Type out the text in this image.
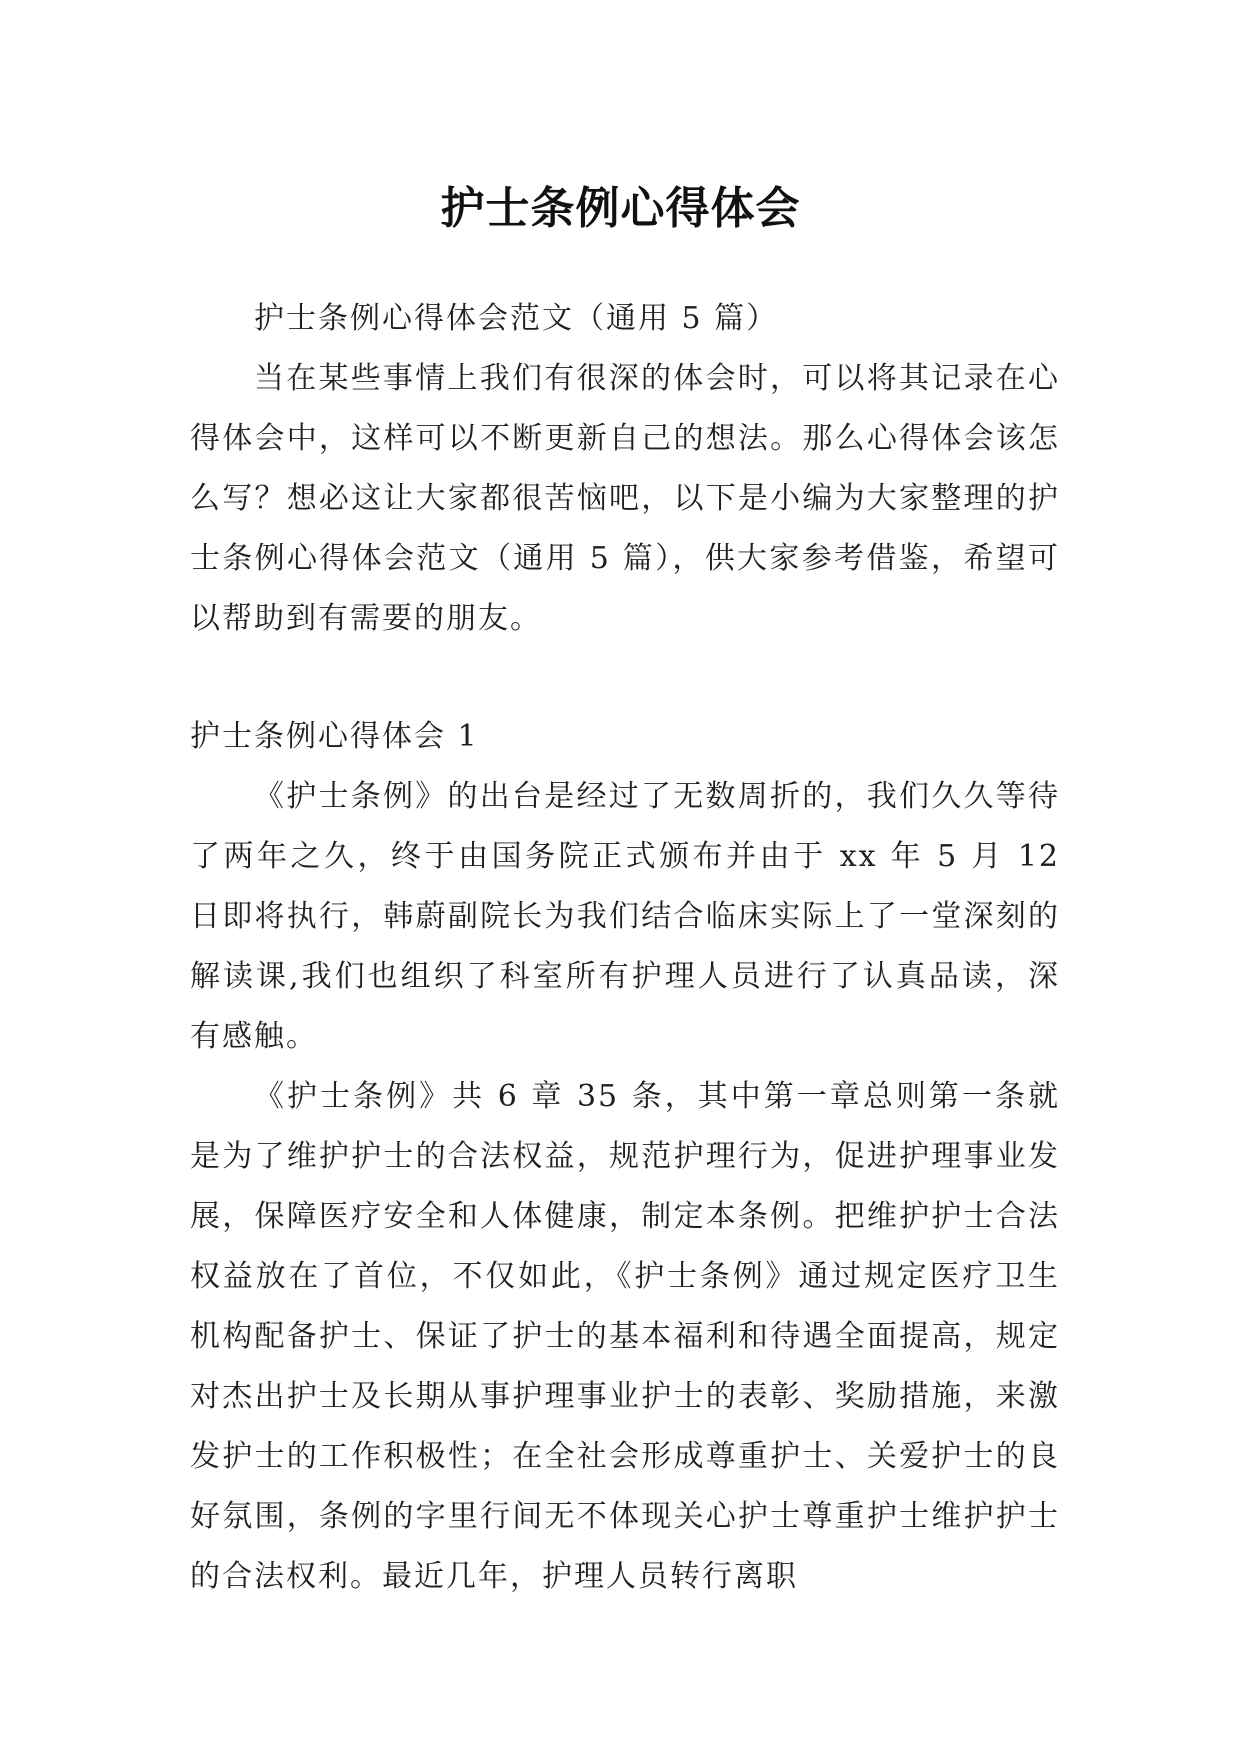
护士条例心得体会

护士条例心得体会范文（通用 5 篇）

当在某些事情上我们有很深的体会时，可以将其记录在心得体会中，这样可以不断更新自己的想法。那么心得体会该怎么写？想必这让大家都很苦恼吧，以下是小编为大家整理的护士条例心得体会范文（通用 5 篇），供大家参考借鉴，希望可以帮助到有需要的朋友。

护士条例心得体会 1

《护士条例》的出台是经过了无数周折的，我们久久等待了两年之久，终于由国务院正式颁布并由于 xx 年 5 月 12 日即将执行，韩蔚副院长为我们结合临床实际上了一堂深刻的解读课,我们也组织了科室所有护理人员进行了认真品读，深有感触。

《护士条例》共 6 章 35 条，其中第一章总则第一条就是为了维护护士的合法权益，规范护理行为，促进护理事业发展，保障医疗安全和人体健康，制定本条例。把维护护士合法权益放在了首位，不仅如此，《护士条例》通过规定医疗卫生机构配备护士、保证了护士的基本福利和待遇全面提高，规定对杰出护士及长期从事护理事业护士的表彰、奖励措施，来激发护士的工作积极性；在全社会形成尊重护士、关爱护士的良好氛围，条例的字里行间无不体现关心护士尊重护士维护护士的合法权利。最近几年，护理人员转行离职
